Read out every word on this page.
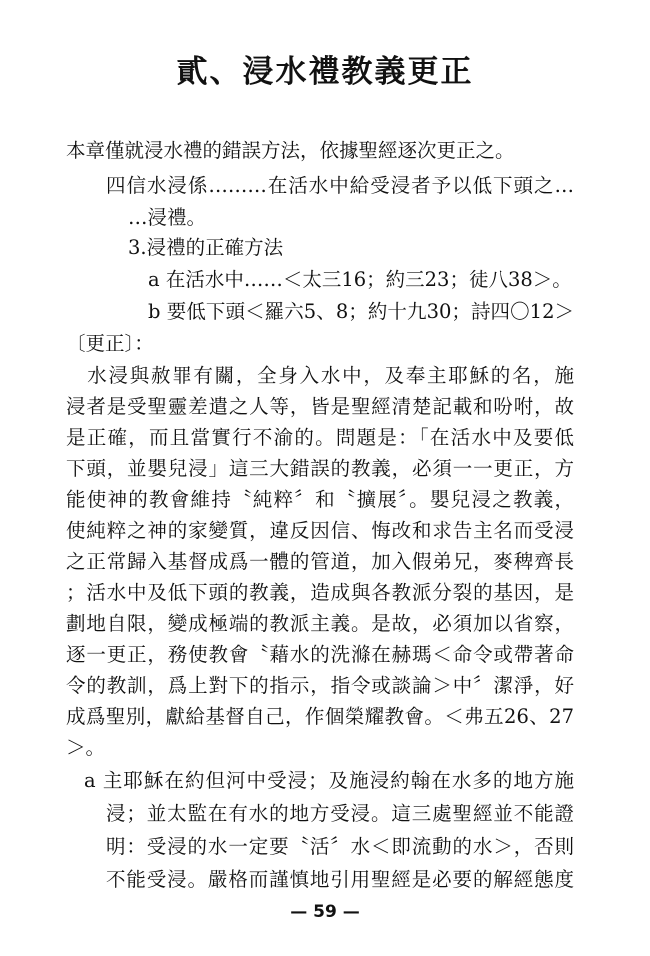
貳、浸水禮教義更正
本章僅就浸水禮的錯誤方法，依據聖經逐次更正之。
四信水浸係………在活水中給受浸者予以低下頭之…
…浸禮。
3.浸禮的正確方法
a 在活水中……＜太三16；約三23；徒八38＞。
b 要低下頭＜羅六5、8；約十九30；詩四〇12＞
〔更正〕：
　水浸與赦罪有關，全身入水中，及奉主耶穌的名，施
浸者是受聖靈差遣之人等，皆是聖經清楚記載和吩咐，故
是正確，而且當實行不渝的。問題是：「在活水中及要低
下頭，並嬰兒浸」這三大錯誤的教義，必須一一更正，方
能使神的教會維持〝純粹〞和〝擴展〞。嬰兒浸之教義，
使純粹之神的家變質，違反因信、悔改和求告主名而受浸
之正常歸入基督成爲一體的管道，加入假弟兄，麥稗齊長
；活水中及低下頭的教義，造成與各教派分裂的基因，是
劃地自限，變成極端的教派主義。是故，必須加以省察，
逐一更正，務使教會〝藉水的洗滌在赫瑪＜命令或帶著命
令的教訓，爲上對下的指示，指令或談論＞中〞潔淨，好
成爲聖別，獻給基督自己，作個榮耀教會。＜弗五26、27
＞。
a 主耶穌在約但河中受浸；及施浸約翰在水多的地方施
浸；並太監在有水的地方受浸。這三處聖經並不能證
明：受浸的水一定要〝活〞水＜即流動的水＞，否則
不能受浸。嚴格而謹慎地引用聖經是必要的解經態度
— 59 —
